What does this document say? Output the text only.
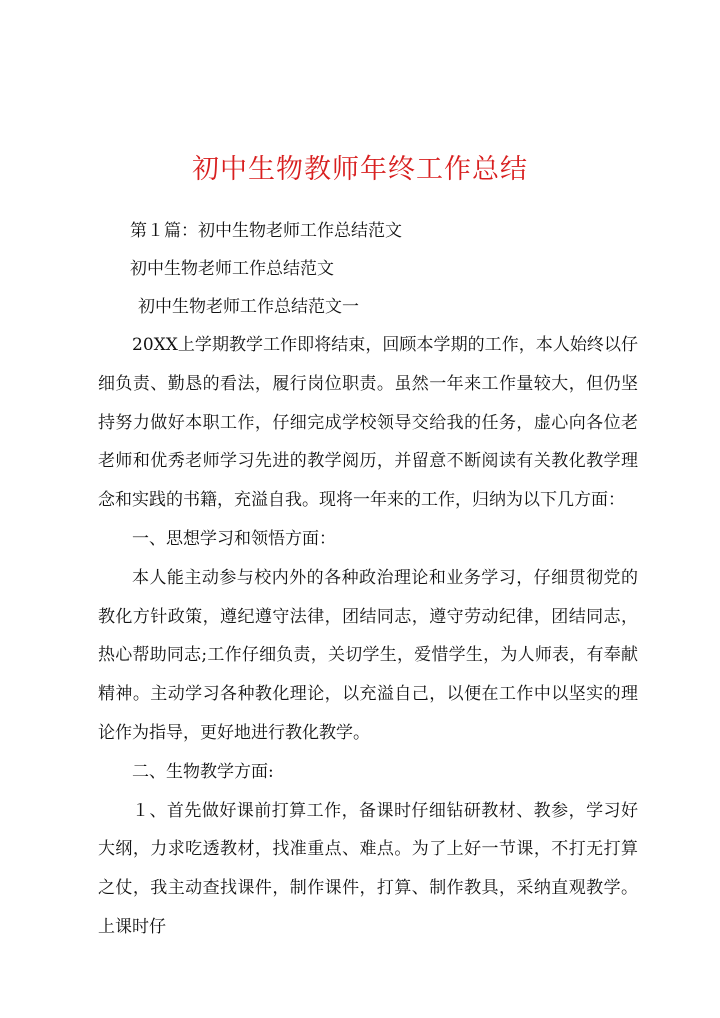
初中生物教师年终工作总结

第１篇：初中生物老师工作总结范文

初中生物老师工作总结范文

初中生物老师工作总结范文一

20XX上学期教学工作即将结束，回顾本学期的工作，本人始终以仔细负责、勤恳的看法，履行岗位职责。虽然一年来工作量较大，但仍坚持努力做好本职工作，仔细完成学校领导交给我的任务，虚心向各位老老师和优秀老师学习先进的教学阅历，并留意不断阅读有关教化教学理念和实践的书籍，充溢自我。现将一年来的工作，归纳为以下几方面：

一、思想学习和领悟方面：

本人能主动参与校内外的各种政治理论和业务学习，仔细贯彻党的教化方针政策，遵纪遵守法律，团结同志，遵守劳动纪律，团结同志，热心帮助同志;工作仔细负责，关切学生，爱惜学生，为人师表，有奉献精神。主动学习各种教化理论，以充溢自己，以便在工作中以坚实的理论作为指导，更好地进行教化教学。

二、生物教学方面:

１、首先做好课前打算工作，备课时仔细钻研教材、教参，学习好大纲，力求吃透教材，找准重点、难点。为了上好一节课，不打无打算之仗，我主动查找课件，制作课件，打算、制作教具，采纳直观教学。上课时仔
